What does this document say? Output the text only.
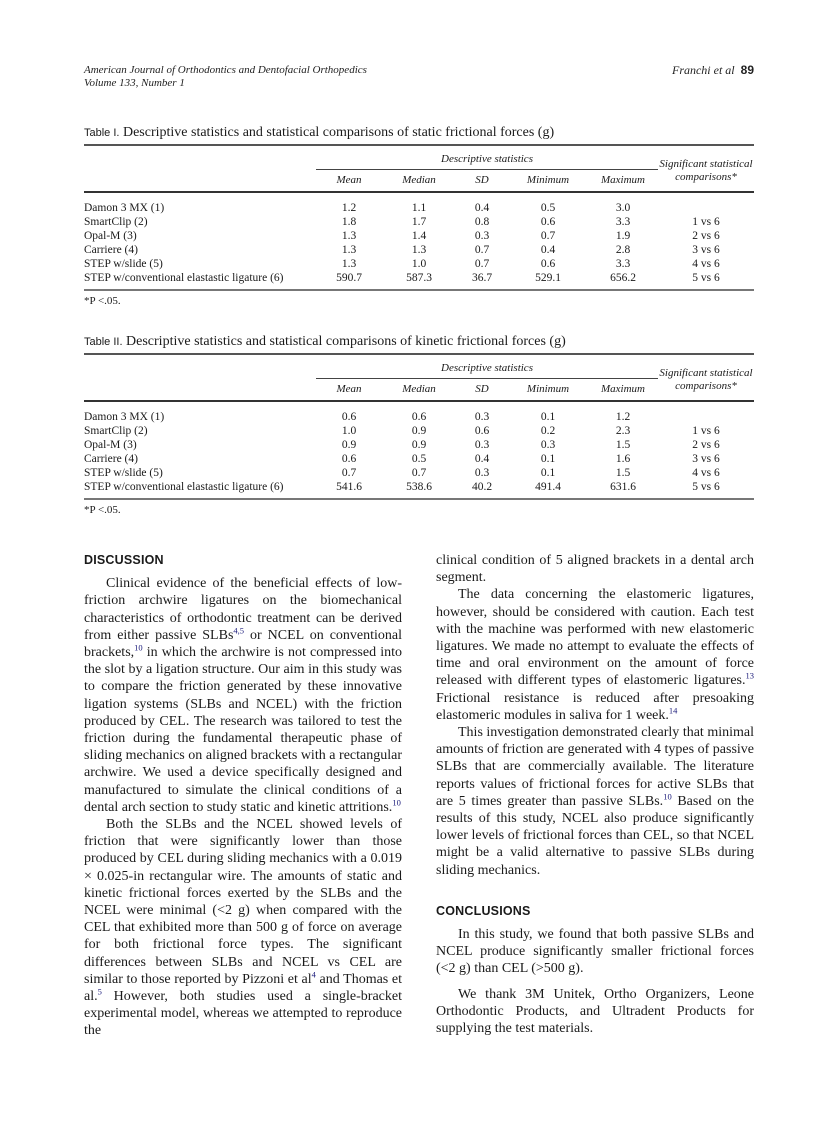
American Journal of Orthodontics and Dentofacial Orthopedics
Volume 133, Number 1
Franchi et al 89
Table I. Descriptive statistics and statistical comparisons of static frictional forces (g)
	Descriptive statistics					Significant statistical
comparisons*

	Mean	Median	SD	Minimum	Maximum	
Damon 3 MX (1)	1.2	1.1	0.4	0.5	3.0	
SmartClip (2)	1.8	1.7	0.8	0.6	3.3	1 vs 6
Opal-M (3)	1.3	1.4	0.3	0.7	1.9	2 vs 6
Carriere (4)	1.3	1.3	0.7	0.4	2.8	3 vs 6
STEP w/slide (5)	1.3	1.0	0.7	0.6	3.3	4 vs 6
STEP w/conventional elastastic ligature (6)	590.7	587.3	36.7	529.1	656.2	5 vs 6
*P <.05.
Table II. Descriptive statistics and statistical comparisons of kinetic frictional forces (g)
	Descriptive statistics					Significant statistical
comparisons*

	Mean	Median	SD	Minimum	Maximum	
Damon 3 MX (1)	0.6	0.6	0.3	0.1	1.2	
SmartClip (2)	1.0	0.9	0.6	0.2	2.3	1 vs 6
Opal-M (3)	0.9	0.9	0.3	0.3	1.5	2 vs 6
Carriere (4)	0.6	0.5	0.4	0.1	1.6	3 vs 6
STEP w/slide (5)	0.7	0.7	0.3	0.1	1.5	4 vs 6
STEP w/conventional elastastic ligature (6)	541.6	538.6	40.2	491.4	631.6	5 vs 6
*P <.05.
DISCUSSION

Clinical evidence of the beneficial effects of low-friction archwire ligatures on the biomechanical characteristics of orthodontic treatment can be derived from either passive SLBs$^{4,5}$ or NCEL on conventional brackets,$^{10}$ in which the archwire is not compressed into the slot by a ligation structure. Our aim in this study was to compare the friction generated by these innovative ligation systems (SLBs and NCEL) with the friction produced by CEL. The research was tailored to test the friction during the fundamental therapeutic phase of sliding mechanics on aligned brackets with a rectangular archwire. We used a device specifically designed and manufactured to simulate the clinical conditions of a dental arch section to study static and kinetic attritions.$^{10}$

Both the SLBs and the NCEL showed levels of friction that were significantly lower than those produced by CEL during sliding mechanics with a 0.019 × 0.025-in rectangular wire. The amounts of static and kinetic frictional forces exerted by the SLBs and the NCEL were minimal (<2 g) when compared with the CEL that exhibited more than 500 g of force on average for both frictional force types. The significant differences between SLBs and NCEL vs CEL are similar to those reported by Pizzoni et $al^4$ and Thomas et al.$^5$ However, both studies used a single-bracket experimental model, whereas we attempted to reproduce the

clinical condition of 5 aligned brackets in a dental arch segment.

The data concerning the elastomeric ligatures, however, should be considered with caution. Each test with the machine was performed with new elastomeric ligatures. We made no attempt to evaluate the effects of time and oral environment on the amount of force released with different types of elastomeric ligatures.$^{13}$ Frictional resistance is reduced after presoaking elastomeric modules in saliva for 1 week.$^{14}$

This investigation demonstrated clearly that minimal amounts of friction are generated with 4 types of passive SLBs that are commercially available. The literature reports values of frictional forces for active SLBs that are 5 times greater than passive SLBs.$^{10}$ Based on the results of this study, NCEL also produce significantly lower levels of frictional forces than CEL, so that NCEL might be a valid alternative to passive SLBs during sliding mechanics.

CONCLUSIONS

In this study, we found that both passive SLBs and NCEL produce significantly smaller frictional forces (<2 g) than CEL (>500 g).

We thank 3M Unitek, Ortho Organizers, Leone Orthodontic Products, and Ultradent Products for supplying the test materials.
